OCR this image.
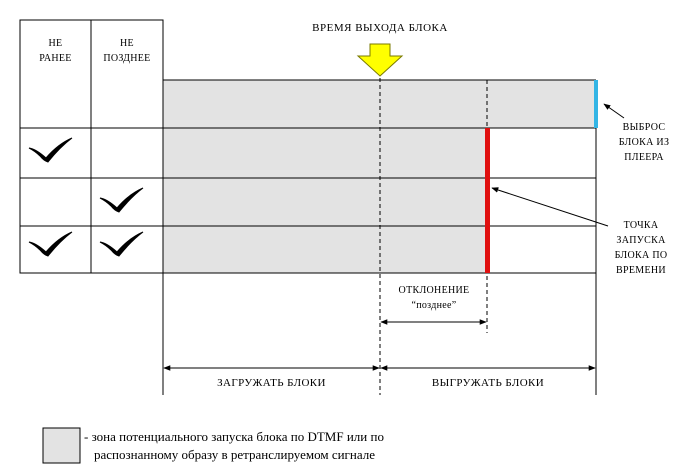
ВРЕМЯ ВЫХОДА БЛОКА
НЕ
РАНЕЕ
НЕ
ПОЗДНЕЕ
ВЫБРОС
БЛОКА ИЗ
ПЛЕЕРА
ТОЧКА
ЗАПУСКА
БЛОКА ПО
ВРЕМЕНИ
ОТКЛОНЕНИЕ
“позднее”
ЗАГРУЖАТЬ БЛОКИ	ВЫГРУЖАТЬ БЛОКИ
- зона потенциального запуска блока по DTMF или по
распознанному образу в ретранслируемом сигнале
